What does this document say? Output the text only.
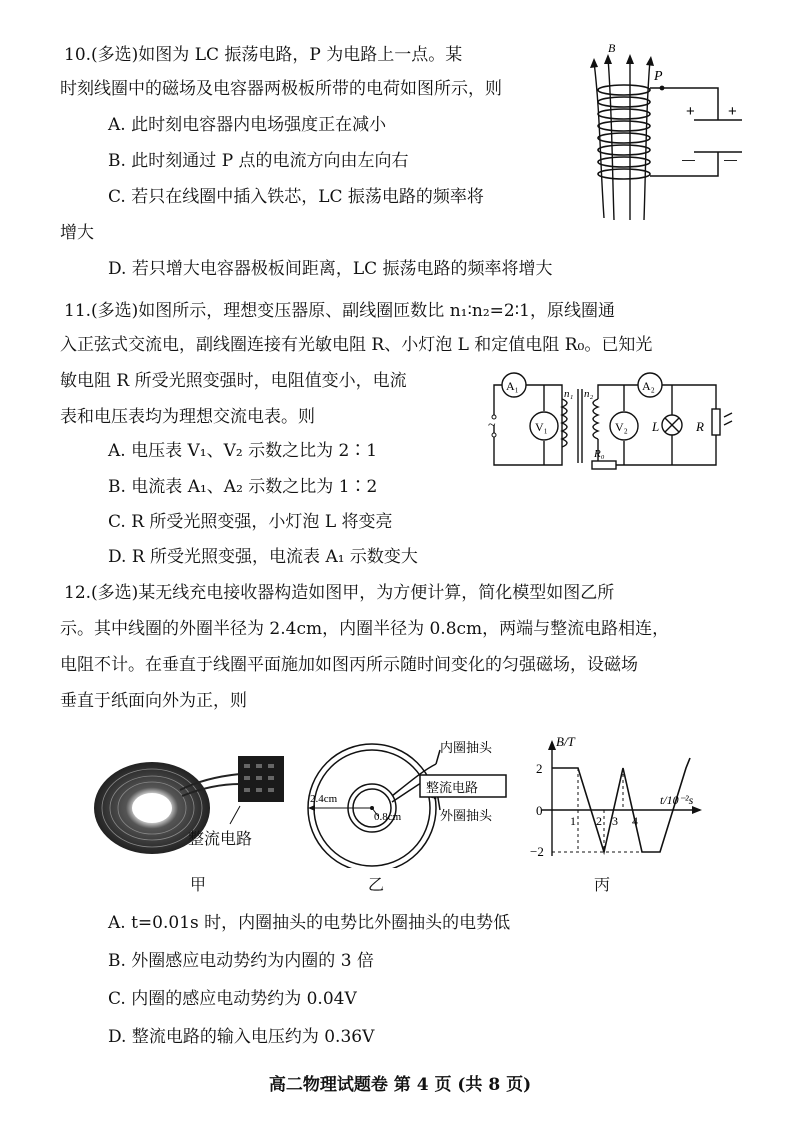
10.(多选)如图为 LC 振荡电路，P 为电路上一点。某
时刻线圈中的磁场及电容器两极板所带的电荷如图所示，则
A. 此时刻电容器内电场强度正在减小
B. 此时刻通过 P 点的电流方向由左向右
C. 若只在线圈中插入铁芯，LC 振荡电路的频率将
增大
D. 若只增大电容器极板间距离，LC 振荡电路的频率将增大
P
B
+ +
— —
11.(多选)如图所示，理想变压器原、副线圈匝数比 n₁∶n₂=2∶1，原线圈通
入正弦式交流电，副线圈连接有光敏电阻 R、小灯泡 L 和定值电阻 R₀。已知光
敏电阻 R 所受光照变强时，电阻值变小，电流
表和电压表均为理想交流电表。则
A. 电压表 V₁、V₂ 示数之比为 2∶1
B. 电流表 A₁、A₂ 示数之比为 1∶2
C. R 所受光照变强，小灯泡 L 将变亮
D. R 所受光照变强，电流表 A₁ 示数变大
~
A₁	A₂
V₁	V₂
n₁ n₂
R₀
L	R
12.(多选)某无线充电接收器构造如图甲，为方便计算，简化模型如图乙所
示。其中线圈的外圈半径为 2.4cm，内圈半径为 0.8cm，两端与整流电路相连，
电阻不计。在垂直于线圈平面施加如图丙所示随时间变化的匀强磁场，设磁场
垂直于纸面向外为正，则
整流电路
甲
2.4cm
0.8cm
内圈抽头
整流电路
外圈抽头
乙
B/T
t/10⁻²s
2
0
−2
1 2 3 4
丙
A. t=0.01s 时，内圈抽头的电势比外圈抽头的电势低
B. 外圈感应电动势约为内圈的 3 倍
C. 内圈的感应电动势约为 0.04V
D. 整流电路的输入电压约为 0.36V
高二物理试题卷 第 4 页 (共 8 页)
